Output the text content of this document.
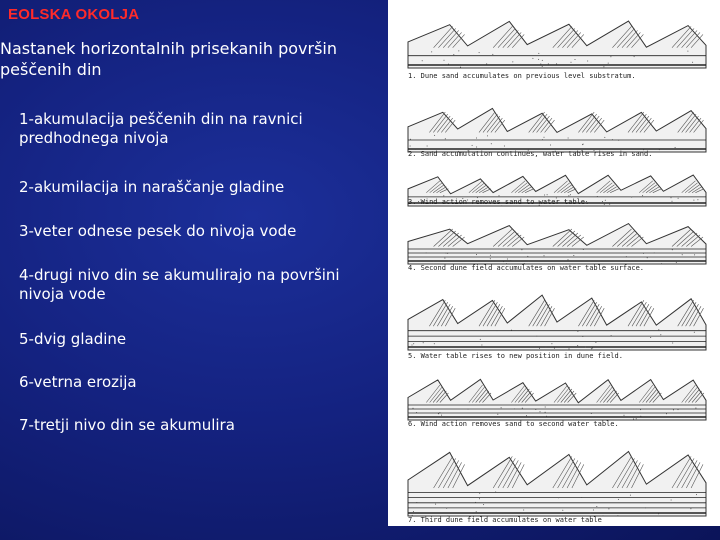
EOLSKA OKOLJA
Nastanek horizontalnih prisekanih površin
peščenih din
1-akumulacija peščenih din na ravnici
predhodnega nivoja
2-akumilacija in naraščanje gladine
3-veter odnese pesek do nivoja vode
4-drugi nivo din se akumulirajo na površini
nivoja vode
5-dvig gladine
6-vetrna erozija
7-tretji nivo din se akumulira
1. Dune sand accumulates on previous level substratum.
2. Sand accumulation continues, water table rises in sand.
3. Wind action removes sand to water table.
4. Second dune field accumulates on water table surface.
5. Water table rises to new position in dune field.
6. Wind action removes sand to second water table.
7. Third dune field accumulates on water table
